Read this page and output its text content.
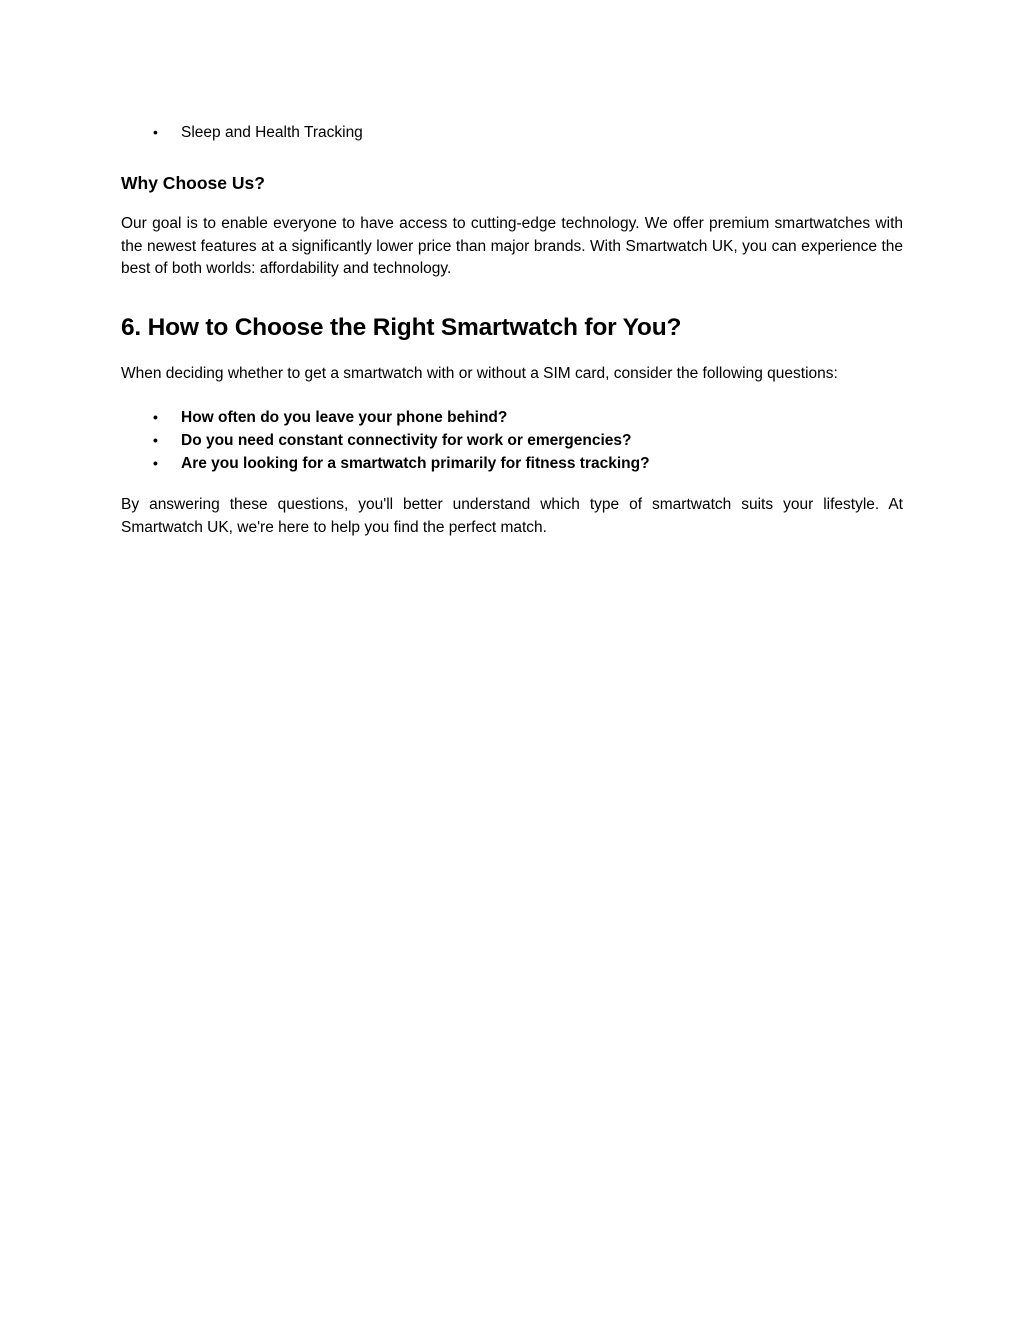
• Sleep and Health Tracking
Why Choose Us?

Our goal is to enable everyone to have access to cutting-edge technology. We offer premium smartwatches with the newest features at a significantly lower price than major brands. With Smartwatch UK, you can experience the best of both worlds: affordability and technology.

6. How to Choose the Right Smartwatch for You?

When deciding whether to get a smartwatch with or without a SIM card, consider the following questions:

• How often do you leave your phone behind?
• Do you need constant connectivity for work or emergencies?
• Are you looking for a smartwatch primarily for fitness tracking?

By answering these questions, you'll better understand which type of smartwatch suits your lifestyle. At Smartwatch UK, we're here to help you find the perfect match.
